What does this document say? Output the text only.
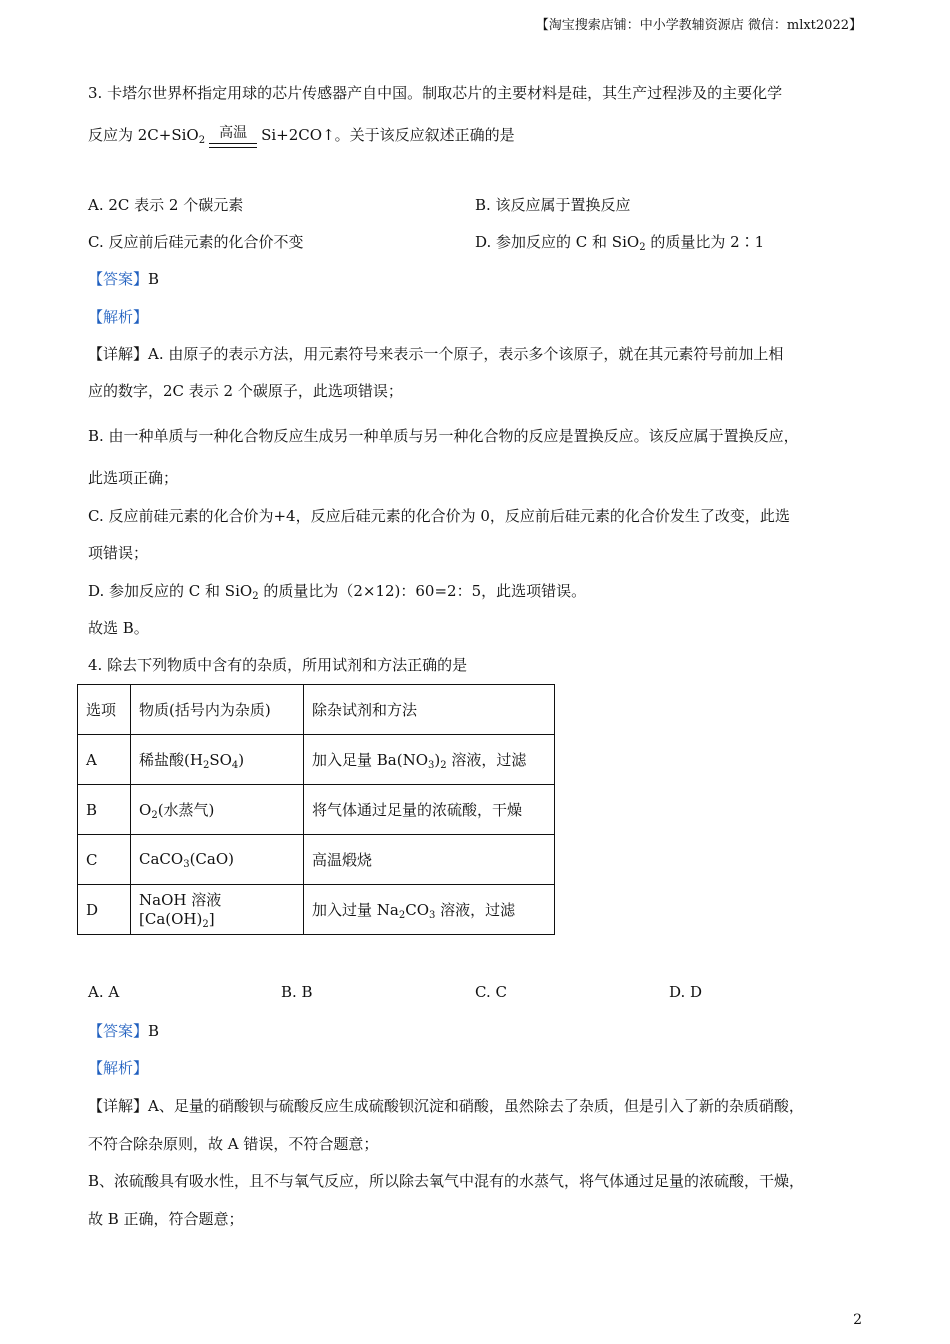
【淘宝搜索店铺：中小学教辅资源店 微信：mlxt2022】
3. 卡塔尔世界杯指定用球的芯片传感器产自中国。制取芯片的主要材料是硅，其生产过程涉及的主要化学
反应为 2C+SiO$_2$	高温 Si+2CO↑。关于该反应叙述正确的是
A. 2C 表示 2 个碳元素	B. 该反应属于置换反应
C. 反应前后硅元素的化合价不变	D. 参加反应的 C 和 SiO$_2$ 的质量比为 2∶1
【答案】B
【解析】
【详解】A. 由原子的表示方法，用元素符号来表示一个原子，表示多个该原子，就在其元素符号前加上相
应的数字，2C 表示 2 个碳原子，此选项错误；
B. 由一种单质与一种化合物反应生成另一种单质与另一种化合物的反应是置换反应。该反应属于置换反应，
此选项正确；
C. 反应前硅元素的化合价为+4，反应后硅元素的化合价为 0，反应前后硅元素的化合价发生了改变，此选
项错误；
D. 参加反应的 C 和 SiO$_2$ 的质量比为（2×12)：60=2：5，此选项错误。
故选 B。
4. 除去下列物质中含有的杂质，所用试剂和方法正确的是
选项	物质(括号内为杂质)	除杂试剂和方法
A	稀盐酸$(H_2SO_4)$	加入足量 $Ba(NO_3)_2$ 溶液，过滤
B	$O_2$(水蒸气)	将气体通过足量的浓硫酸，干燥
C	CaCO$_3$(CaO)	高温煅烧
D	NaOH 溶液$[Ca(OH)_2]$	加入过量 $Na_2CO_3$ 溶液，过滤
A. A	B. B	C. C	D. D
【答案】B
【解析】
【详解】A、足量的硝酸钡与硫酸反应生成硫酸钡沉淀和硝酸，虽然除去了杂质，但是引入了新的杂质硝酸，
不符合除杂原则，故 A 错误，不符合题意；
B、浓硫酸具有吸水性，且不与氧气反应，所以除去氧气中混有的水蒸气，将气体通过足量的浓硫酸，干燥，
故 B 正确，符合题意；
2
